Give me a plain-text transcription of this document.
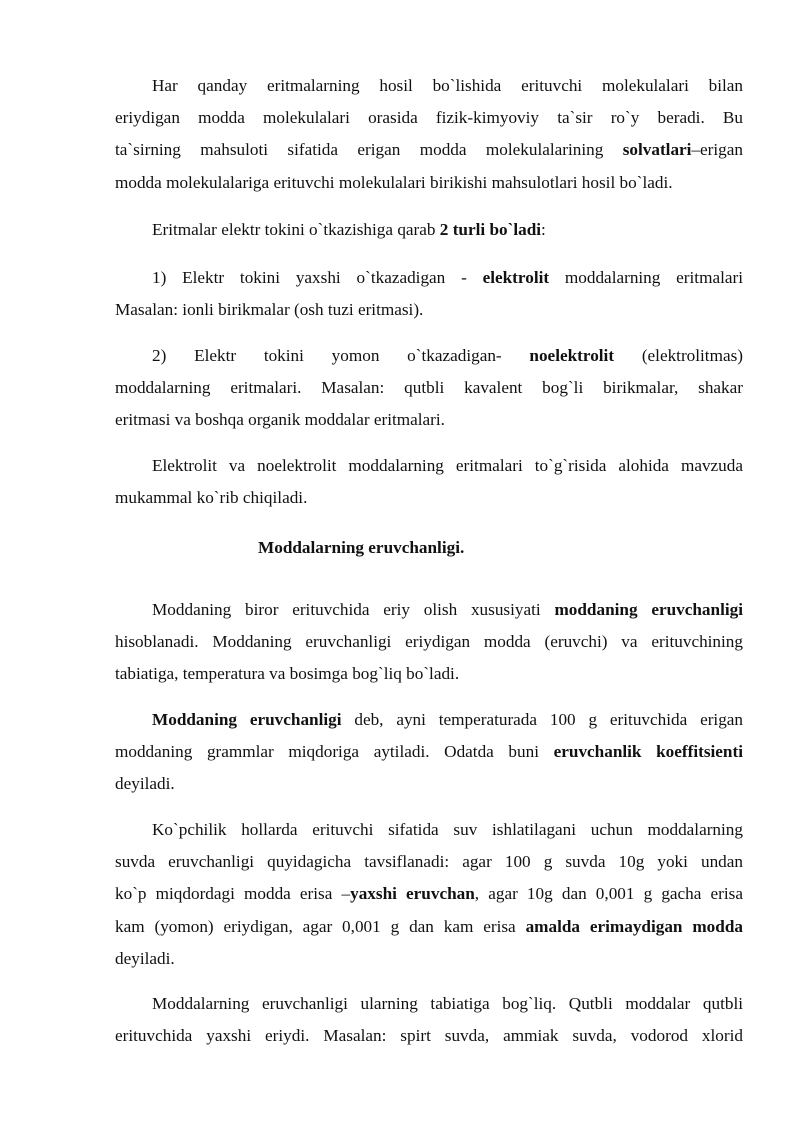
Har qanday eritmalarning hosil bo`lishida erituvchi molekulalari bilan
eriydigan modda molekulalari orasida fizik-kimyoviy ta`sir ro`y beradi. Bu
ta`sirning mahsuloti sifatida erigan modda molekulalarining solvatlari–erigan
modda molekulalariga erituvchi molekulalari birikishi mahsulotlari hosil bo`ladi.
Eritmalar elektr tokini o`tkazishiga qarab 2 turli bo`ladi:
1) Elektr tokini yaxshi o`tkazadigan - elektrolit moddalarning eritmalari
Masalan: ionli birikmalar (osh tuzi eritmasi).
2) Elektr tokini yomon o`tkazadigan- noelektrolit (elektrolitmas)
moddalarning eritmalari. Masalan: qutbli kavalent bog`li birikmalar, shakar
eritmasi va boshqa organik moddalar eritmalari.
Elektrolit va noelektrolit moddalarning eritmalari to`g`risida alohida mavzuda
mukammal ko`rib chiqiladi.
Moddalarning eruvchanligi.
Moddaning biror erituvchida eriy olish xususiyati moddaning eruvchanligi
hisoblanadi. Moddaning eruvchanligi eriydigan modda (eruvchi) va erituvchining
tabiatiga, temperatura va bosimga bog`liq bo`ladi.
Moddaning eruvchanligi deb, ayni temperaturada 100 g erituvchida erigan
moddaning grammlar miqdoriga aytiladi. Odatda buni eruvchanlik koeffitsienti
deyiladi.
Ko`pchilik hollarda erituvchi sifatida suv ishlatilagani uchun moddalarning
suvda eruvchanligi quyidagicha tavsiflanadi: agar 100 g suvda 10g yoki undan
ko`p miqdordagi modda erisa –yaxshi eruvchan, agar 10g dan 0,001 g gacha erisa
kam (yomon) eriydigan, agar 0,001 g dan kam erisa amalda erimaydigan modda
deyiladi.
Moddalarning eruvchanligi ularning tabiatiga bog`liq. Qutbli moddalar qutbli
erituvchida yaxshi eriydi. Masalan: spirt suvda, ammiak suvda, vodorod xlorid
